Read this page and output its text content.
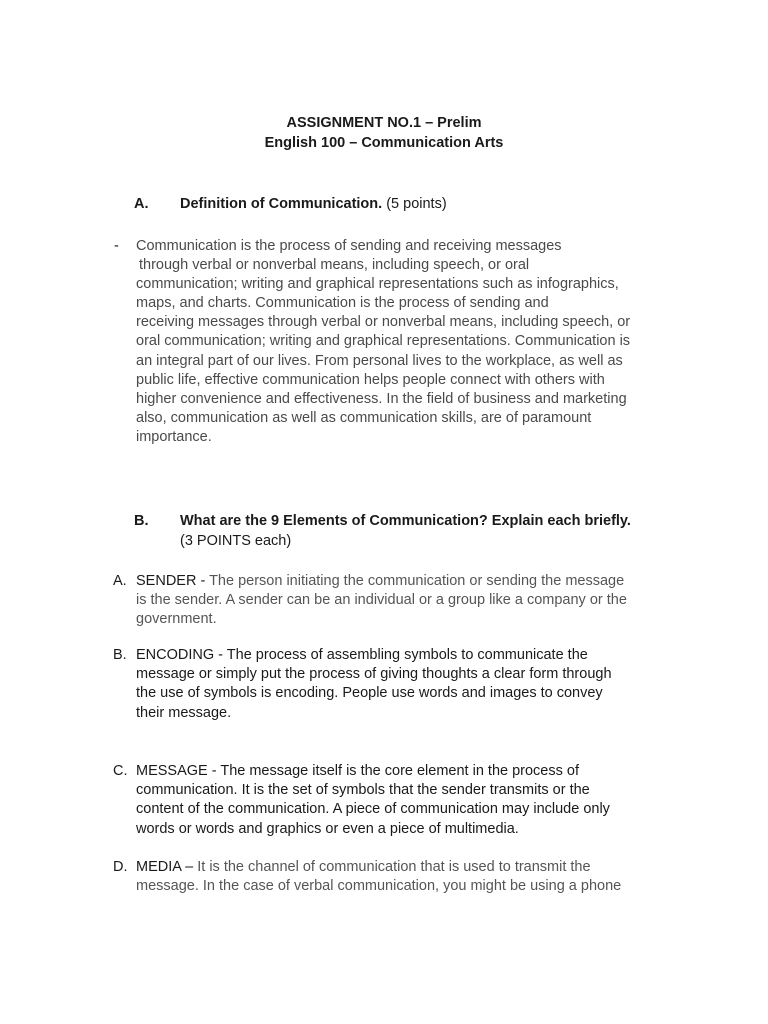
ASSIGNMENT NO.1 – Prelim
English 100 – Communication Arts
A. Definition of Communication. (5 points)
- Communication is the process of sending and receiving messages
through verbal or nonverbal means, including speech, or oral
communication; writing and graphical representations such as infographics,
maps, and charts. Communication is the process of sending and
receiving messages through verbal or nonverbal means, including speech, or
oral communication; writing and graphical representations. Communication is
an integral part of our lives. From personal lives to the workplace, as well as
public life, effective communication helps people connect with others with
higher convenience and effectiveness. In the field of business and marketing
also, communication as well as communication skills, are of paramount
importance.
B. What are the 9 Elements of Communication? Explain each briefly.
(3 POINTS each)
A. SENDER - The person initiating the communication or sending the message
is the sender. A sender can be an individual or a group like a company or the
government.
B. ENCODING - The process of assembling symbols to communicate the
message or simply put the process of giving thoughts a clear form through
the use of symbols is encoding. People use words and images to convey
their message.
C. MESSAGE - The message itself is the core element in the process of
communication. It is the set of symbols that the sender transmits or the
content of the communication. A piece of communication may include only
words or words and graphics or even a piece of multimedia.
D. MEDIA – It is the channel of communication that is used to transmit the
message. In the case of verbal communication, you might be using a phone
